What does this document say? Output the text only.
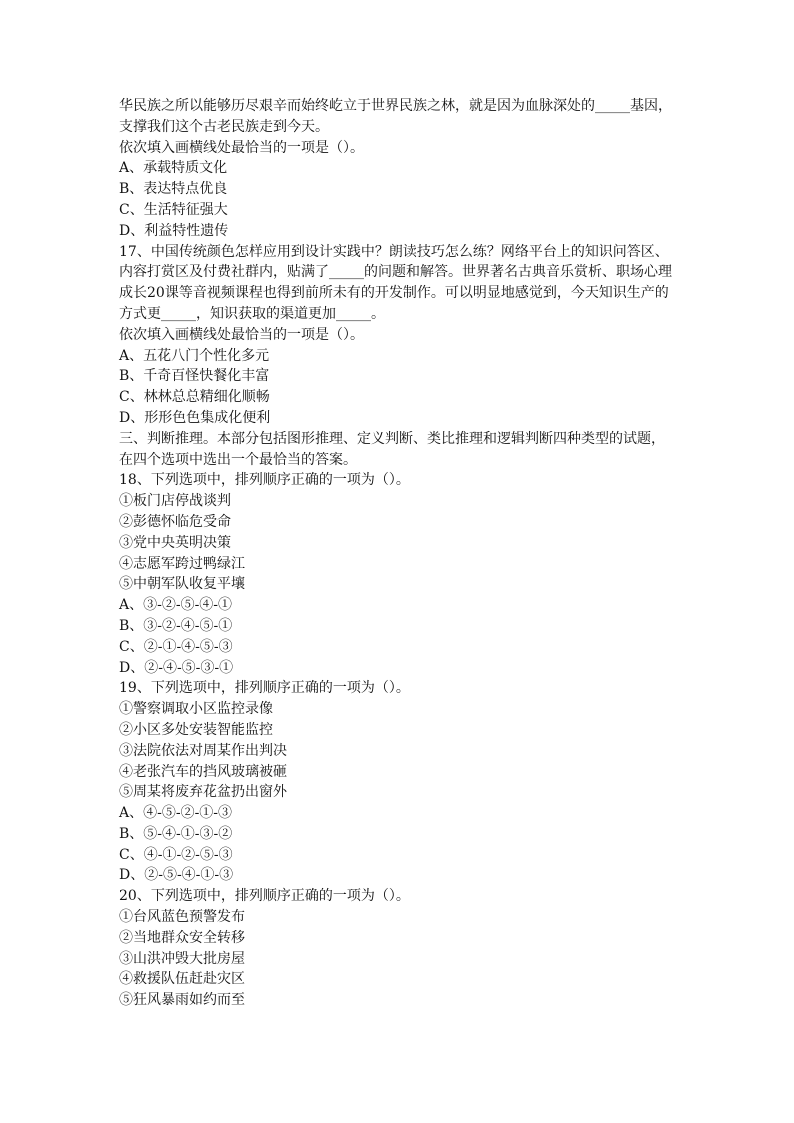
华民族之所以能够历尽艰辛而始终屹立于世界民族之林，就是因为血脉深处的_____基因，
支撑我们这个古老民族走到今天。
依次填入画横线处最恰当的一项是（）。
A、承载特质文化
B、表达特点优良
C、生活特征强大
D、利益特性遗传
17、中国传统颜色怎样应用到设计实践中？朗读技巧怎么练？网络平台上的知识问答区、
内容打赏区及付费社群内，贴满了_____的问题和解答。世界著名古典音乐赏析、职场心理
成长20课等音视频课程也得到前所未有的开发制作。可以明显地感觉到，今天知识生产的
方式更_____，知识获取的渠道更加_____。
依次填入画横线处最恰当的一项是（）。
A、五花八门个性化多元
B、千奇百怪快餐化丰富
C、林林总总精细化顺畅
D、形形色色集成化便利
三、判断推理。本部分包括图形推理、定义判断、类比推理和逻辑判断四种类型的试题，
在四个选项中选出一个最恰当的答案。
18、下列选项中，排列顺序正确的一项为（）。
①板门店停战谈判
②彭德怀临危受命
③党中央英明决策
④志愿军跨过鸭绿江
⑤中朝军队收复平壤
A、③-②-⑤-④-①
B、③-②-④-⑤-①
C、②-①-④-⑤-③
D、②-④-⑤-③-①
19、下列选项中，排列顺序正确的一项为（）。
①警察调取小区监控录像
②小区多处安装智能监控
③法院依法对周某作出判决
④老张汽车的挡风玻璃被砸
⑤周某将废弃花盆扔出窗外
A、④-⑤-②-①-③
B、⑤-④-①-③-②
C、④-①-②-⑤-③
D、②-⑤-④-①-③
20、下列选项中，排列顺序正确的一项为（）。
①台风蓝色预警发布
②当地群众安全转移
③山洪冲毁大批房屋
④救援队伍赶赴灾区
⑤狂风暴雨如约而至
